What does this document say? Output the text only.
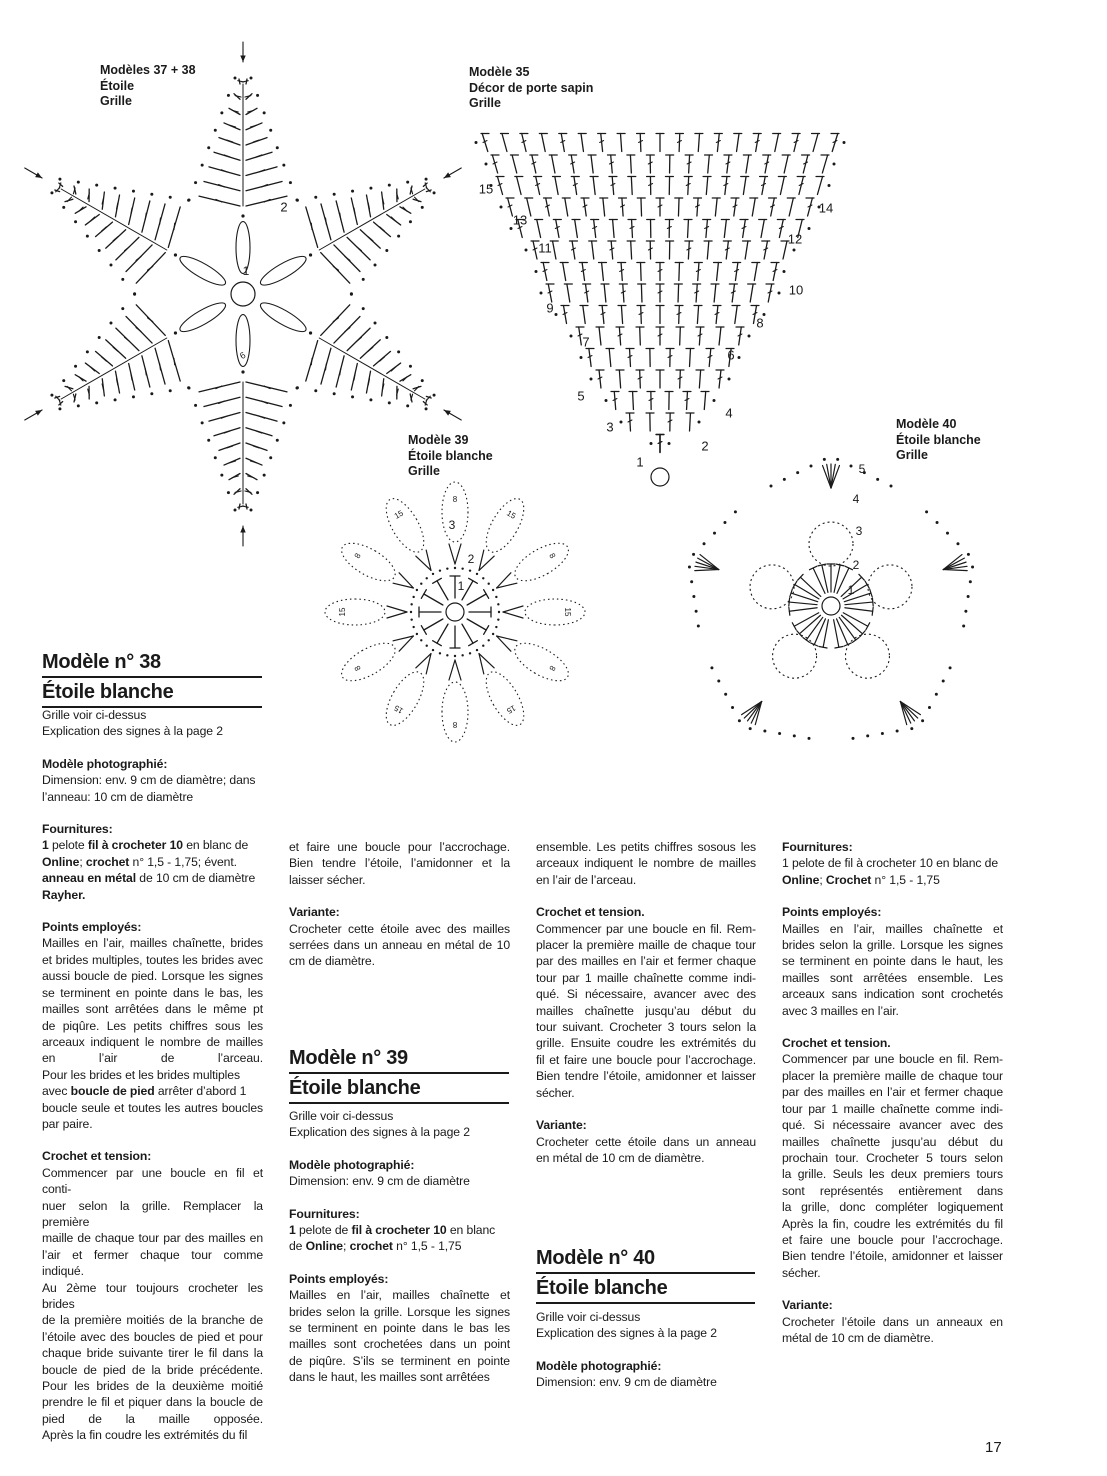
Modèles 37 + 38
Étoile
Grille
Modèle 35
Décor de porte sapin
Grille
Modèle 39
Étoile blanche
Grille
Modèle 40
Étoile blanche
Grille
1
2
6
1
2
3
4
5
6
7
8
9
10
11
12
13
14
15
8
15
8
15
8
15
8
15
8
15
8
15
1
2
3
1
2
3
4
5
Modèle n° 38
Étoile blanche

Grille voir ci-dessus

Explication des signes à la page 2

Modèle photographié:

Dimension: env. 9 cm de diamètre; dans

l’anneau: 10 cm de diamètre

Fournitures:

1 pelote fil à crocheter 10 en blanc de

Online; crochet n° 1,5 - 1,75; évent.

anneau en métal de 10 cm de diamètre

Rayher.

Points employés:

Mailles en l’air, mailles chaînette, brides

et brides multiples, toutes les brides avec

aussi boucle de pied. Lorsque les signes

se terminent en pointe dans le bas, les

mailles sont arrêtées dans le même pt

de piqûre. Les petits chiffres sous les

arceaux indiquent le nombre de mailles

en l’air de l’arceau.

Pour les brides et les brides multiples

avec boucle de pied arrêter d’abord 1

boucle seule et toutes les autres boucles

par paire.

Crochet et tension:

Commencer par une boucle en fil et conti-

nuer selon la grille. Remplacer la première

maille de chaque tour par des mailles en

l’air et fermer chaque tour comme indiqué.

Au 2ème tour toujours crocheter les brides

de la première moitiés de la branche de

l’étoile avec des boucles de pied et pour

chaque bride suivante tirer le fil dans la

boucle de pied de la bride précédente.

Pour les brides de la deuxième moitié

prendre le fil et piquer dans la boucle de

pied de la maille opposée.

Après la fin coudre les extrémités du fil

et faire une boucle pour l’accrochage.

Bien tendre l’étoile, l’amidonner et la

laisser sécher.

Variante:

Crocheter cette étoile avec des mailles

serrées dans un anneau en métal de 10

cm de diamètre.

Modèle n° 39
Étoile blanche

Grille voir ci-dessus

Explication des signes à la page 2

Modèle photographié:

Dimension: env. 9 cm de diamètre

Fournitures:

1 pelote de fil à crocheter 10 en blanc

de Online; crochet n° 1,5 - 1,75

Points employés:

Mailles en l’air, mailles chaînette et

brides selon la grille. Lorsque les signes

se terminent en pointe dans le bas les

mailles sont crochetées dans un point

de piqûre. S’ils se terminent en pointe

dans le haut, les mailles sont arrêtées

ensemble. Les petits chiffres sosous les

arceaux indiquent le nombre de mailles

en l’air de l’arceau.

Crochet et tension.

Commencer par une boucle en fil. Rem-

placer la première maille de chaque tour

par des mailles en l’air et fermer chaque

tour par 1 maille chaînette comme indi-

qué. Si nécessaire, avancer avec des

mailles chaînette jusqu’au début du

tour suivant. Crocheter 3 tours selon la

grille. Ensuite coudre les extrémités du

fil et faire une boucle pour l’accrochage.

Bien tendre l’étoile, amidonner et laisser

sécher.

Variante:

Crocheter cette étoile dans un anneau

en métal de 10 cm de diamètre.

Modèle n° 40
Étoile blanche

Grille voir ci-dessus

Explication des signes à la page 2

Modèle photographié:

Dimension: env. 9 cm de diamètre

Fournitures:

1 pelote de fil à crocheter 10 en blanc de

Online; Crochet n° 1,5 - 1,75

Points employés:

Mailles en l’air, mailles chaînette et

brides selon la grille. Lorsque les signes

se terminent en pointe dans le haut, les

mailles sont arrêtées ensemble. Les

arceaux sans indication sont crochetés

avec 3 mailles en l’air.

Crochet et tension.

Commencer par une boucle en fil. Rem-

placer la première maille de chaque tour

par des mailles en l’air et fermer chaque

tour par 1 maille chaînette comme indi-

qué. Si nécessaire avancer avec des

mailles chaînette jusqu’au début du

prochain tour. Crocheter 5 tours selon

la grille. Seuls les deux premiers tours

sont représentés entièrement dans

la grille, donc compléter logiquement

Après la fin, coudre les extrémités du fil

et faire une boucle pour l’accrochage.

Bien tendre l’étoile, amidonner et laisser

sécher.

Variante:

Crocheter l’étoile dans un anneaux en

métal de 10 cm de diamètre.

17
